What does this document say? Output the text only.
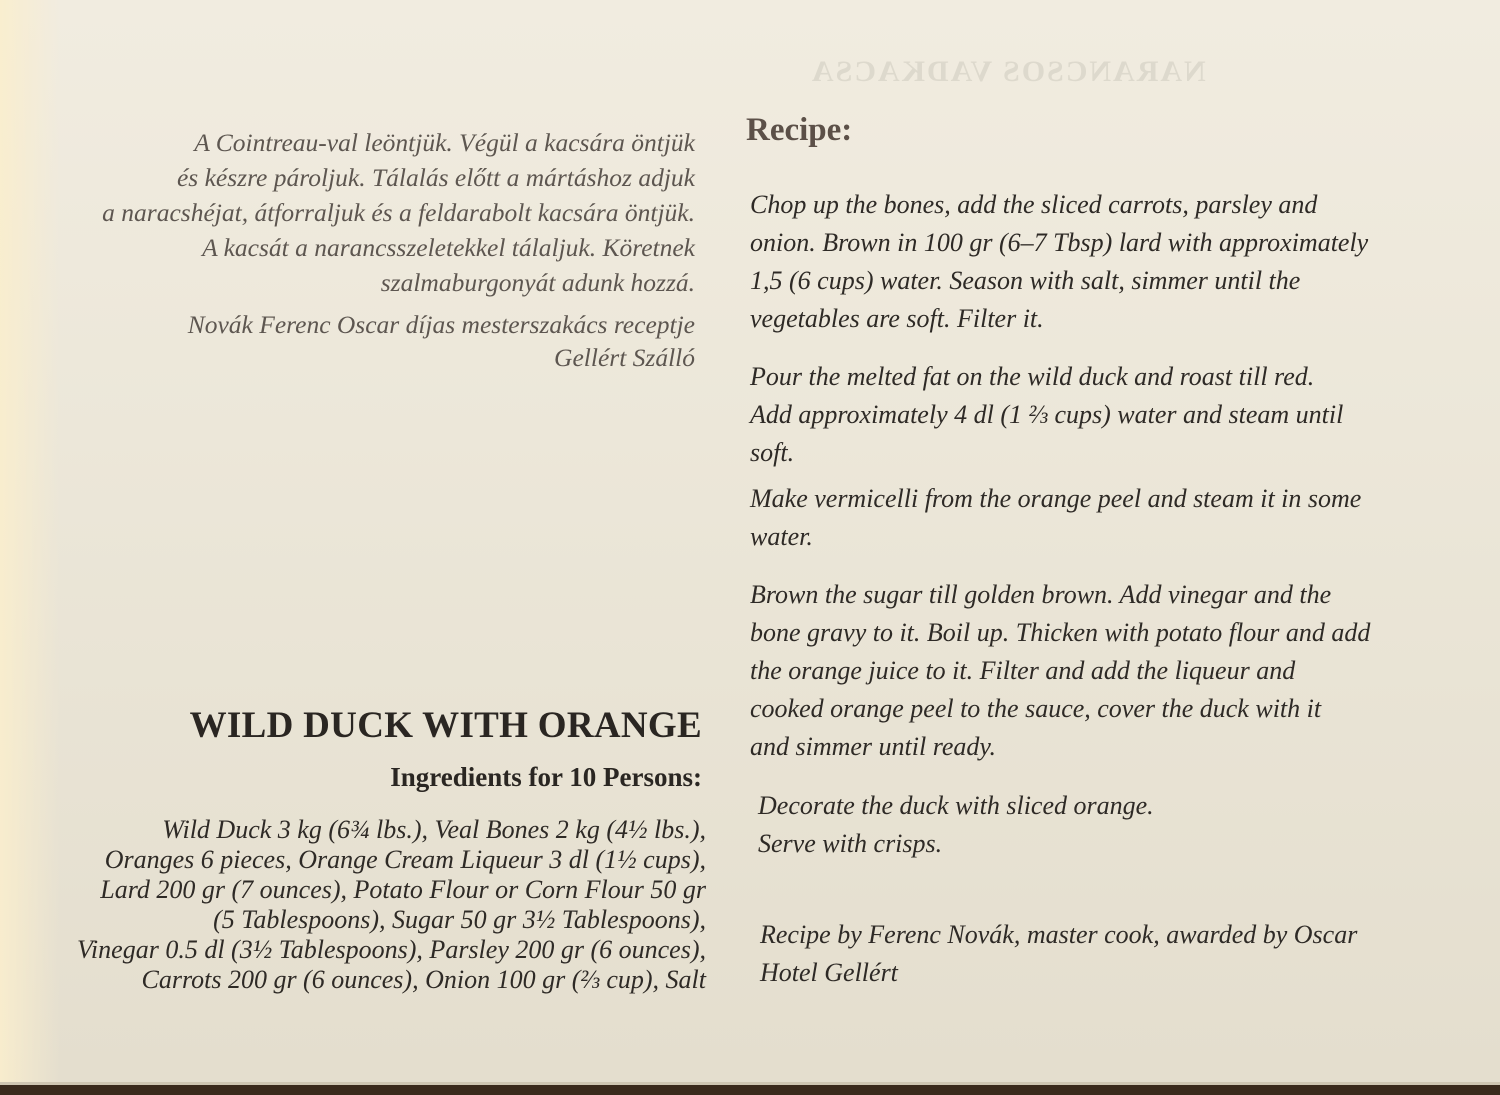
NARANCSOS VADKACSA

A Cointreau-val leöntjük. Végül a kacsára öntjük

és készre pároljuk. Tálalás előtt a mártáshoz adjuk

a naracshéjat, átforraljuk és a feldarabolt kacsára öntjük.

A kacsát a narancsszeletekkel tálaljuk. Köretnek

szalmaburgonyát adunk hozzá.

Novák Ferenc Oscar díjas mesterszakács receptje
Gellért Szálló
WILD DUCK WITH ORANGE
Ingredients for 10 Persons:
Wild Duck 3 kg (6¾ lbs.), Veal Bones 2 kg (4½ lbs.),
Oranges 6 pieces, Orange Cream Liqueur 3 dl (1½ cups),
Lard 200 gr (7 ounces), Potato Flour or Corn Flour 50 gr
(5 Tablespoons), Sugar 50 gr 3½ Tablespoons),
Vinegar 0.5 dl (3½ Tablespoons), Parsley 200 gr (6 ounces),
Carrots 200 gr (6 ounces), Onion 100 gr (⅔ cup), Salt
Recipe:
Chop up the bones, add the sliced carrots, parsley and
onion. Brown in 100 gr (6–7 Tbsp) lard with approximately
1,5 (6 cups) water. Season with salt, simmer until the
vegetables are soft. Filter it.
Pour the melted fat on the wild duck and roast till red.
Add approximately 4 dl (1 ⅔ cups) water and steam until
soft.
Make vermicelli from the orange peel and steam it in some
water.
Brown the sugar till golden brown. Add vinegar and the
bone gravy to it. Boil up. Thicken with potato flour and add
the orange juice to it. Filter and add the liqueur and
cooked orange peel to the sauce, cover the duck with it
and simmer until ready.
Decorate the duck with sliced orange.
Serve with crisps.
Recipe by Ferenc Novák, master cook, awarded by Oscar
Hotel Gellért
